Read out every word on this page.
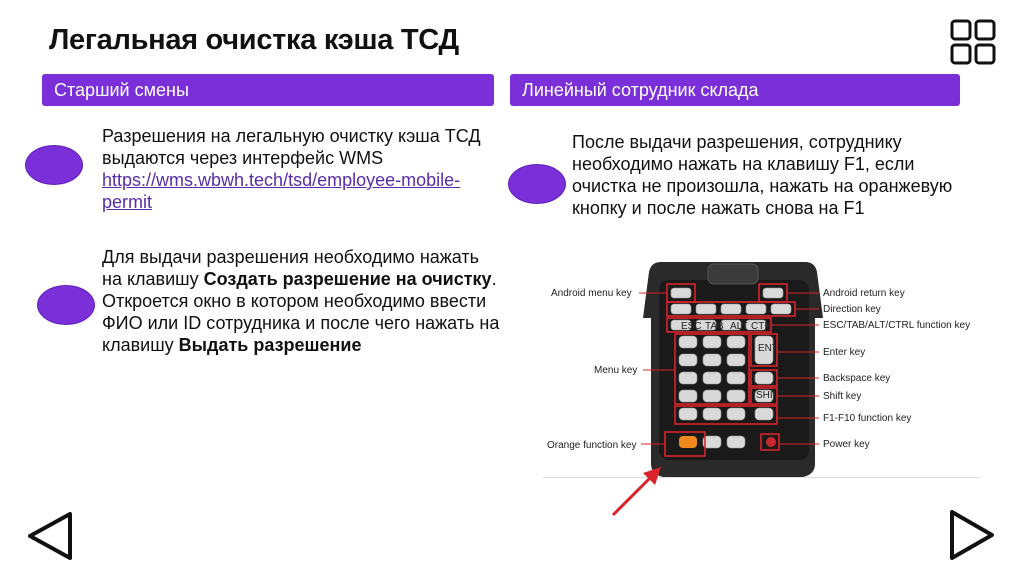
Легальная очистка кэша ТСД
Старший смены	Линейный сотрудник склада
Разрешения на легальную очистку кэша ТСД выдаются через интерфейс WMS https://wms.wbwh.tech/tsd/employee-mobile-permit
Для выдачи разрешения необходимо нажать на клавишу Создать разрешение на очистку. Откроется окно в котором необходимо ввести ФИО или ID сотрудника и после чего нажать на клавишу Выдать разрешение
После выдачи разрешения, сотруднику необходимо нажать на клавишу F1, если очистка не произошла, нажать на оранжевую кнопку и после нажать снова на F1
ESC TAB ALT CTRL
ENT
SHIFT
Android menu key
Menu key
Orange function key
Android return key
Direction key
ESC/TAB/ALT/CTRL function key
Enter key
Backspace key
Shift key
F1-F10 function key
Power key
